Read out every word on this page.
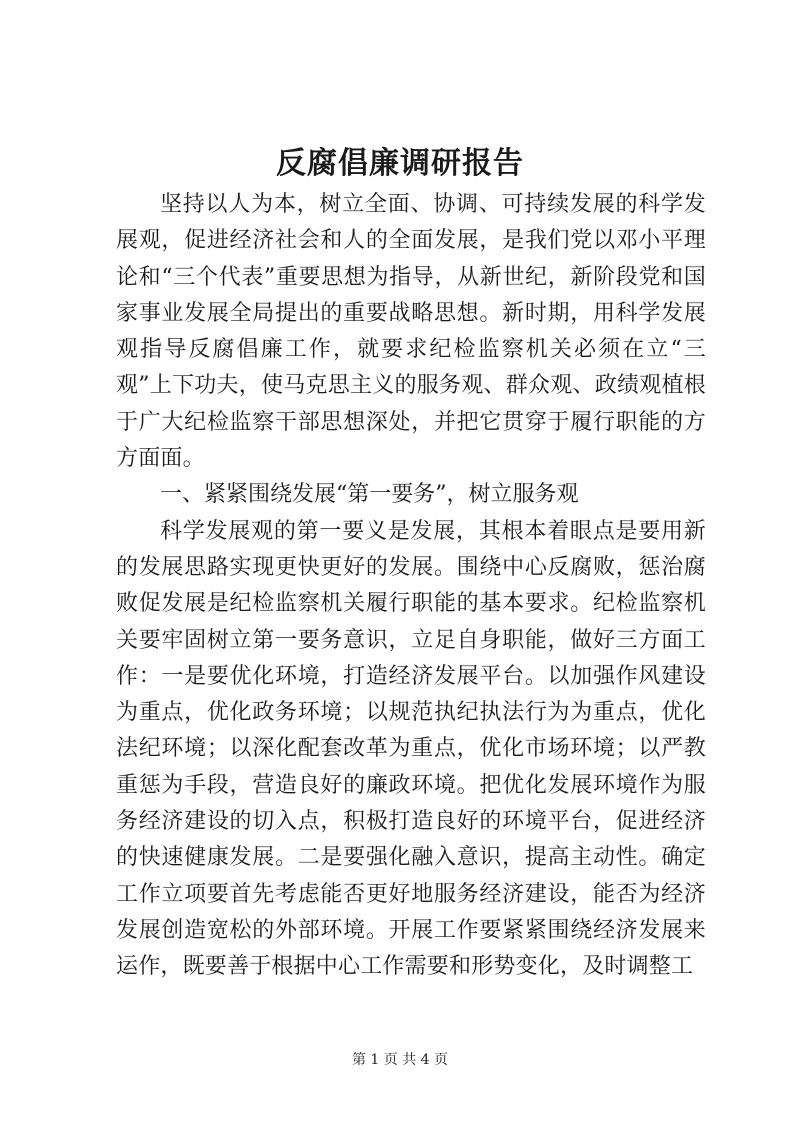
反腐倡廉调研报告

坚持以人为本，树立全面、协调、可持续发展的科学发展观，促进经济社会和人的全面发展，是我们党以邓小平理论和“三个代表”重要思想为指导，从新世纪，新阶段党和国家事业发展全局提出的重要战略思想。新时期，用科学发展观指导反腐倡廉工作，就要求纪检监察机关必须在立“三观”上下功夫，使马克思主义的服务观、群众观、政绩观植根于广大纪检监察干部思想深处，并把它贯穿于履行职能的方方面面。

一、紧紧围绕发展“第一要务”，树立服务观

科学发展观的第一要义是发展，其根本着眼点是要用新的发展思路实现更快更好的发展。围绕中心反腐败，惩治腐败促发展是纪检监察机关履行职能的基本要求。纪检监察机关要牢固树立第一要务意识，立足自身职能，做好三方面工作：一是要优化环境，打造经济发展平台。以加强作风建设为重点，优化政务环境；以规范执纪执法行为为重点，优化法纪环境；以深化配套改革为重点，优化市场环境；以严教重惩为手段，营造良好的廉政环境。把优化发展环境作为服务经济建设的切入点，积极打造良好的环境平台，促进经济的快速健康发展。二是要强化融入意识，提高主动性。确定工作立项要首先考虑能否更好地服务经济建设，能否为经济发展创造宽松的外部环境。开展工作要紧紧围绕经济发展来运作，既要善于根据中心工作需要和形势变化，及时调整工

第 1 页 共 4 页
